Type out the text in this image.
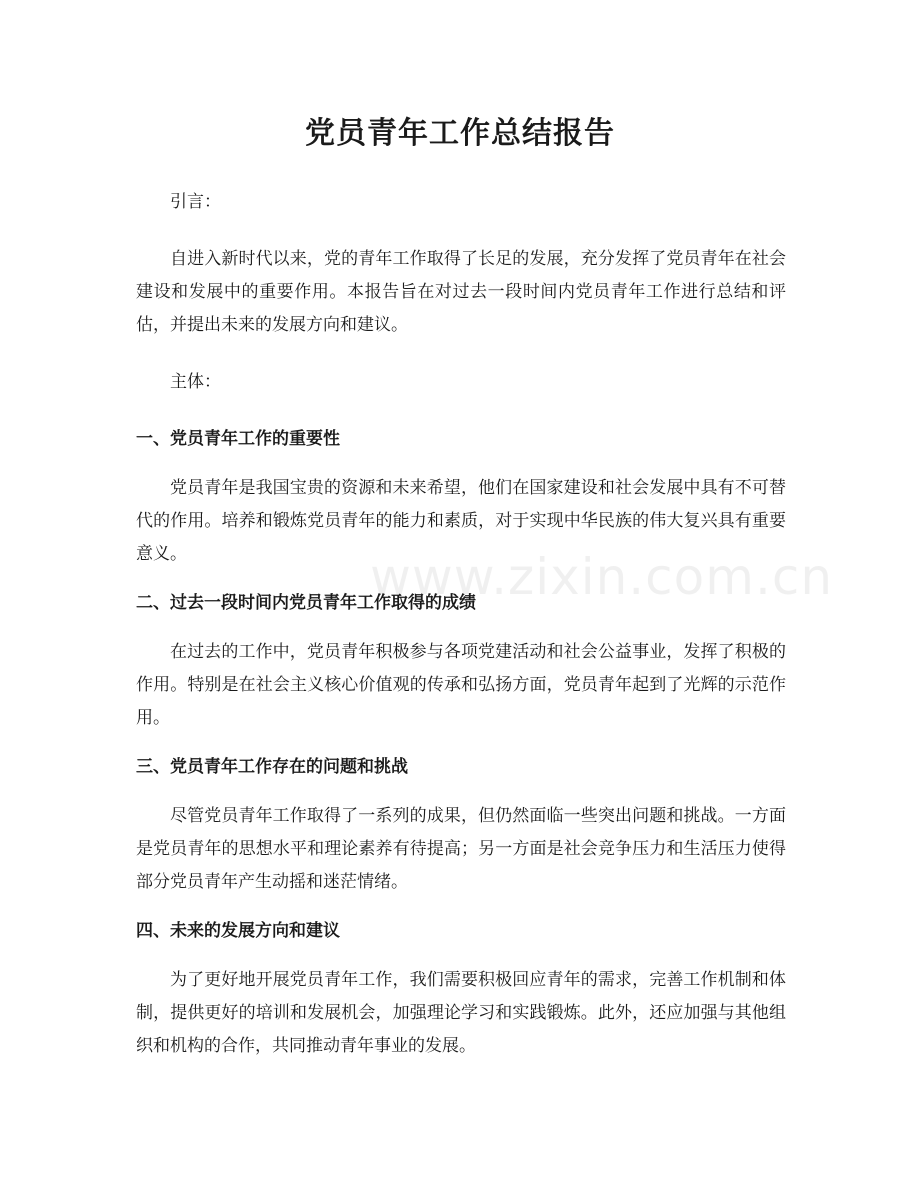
党员青年工作总结报告

引言：

自进入新时代以来，党的青年工作取得了长足的发展，充分发挥了党员青年在社会建设和发展中的重要作用。本报告旨在对过去一段时间内党员青年工作进行总结和评估，并提出未来的发展方向和建议。

主体：

一、党员青年工作的重要性

党员青年是我国宝贵的资源和未来希望，他们在国家建设和社会发展中具有不可替代的作用。培养和锻炼党员青年的能力和素质，对于实现中华民族的伟大复兴具有重要意义。

二、过去一段时间内党员青年工作取得的成绩

在过去的工作中，党员青年积极参与各项党建活动和社会公益事业，发挥了积极的作用。特别是在社会主义核心价值观的传承和弘扬方面，党员青年起到了光辉的示范作用。

三、党员青年工作存在的问题和挑战

尽管党员青年工作取得了一系列的成果，但仍然面临一些突出问题和挑战。一方面是党员青年的思想水平和理论素养有待提高；另一方面是社会竞争压力和生活压力使得部分党员青年产生动摇和迷茫情绪。

四、未来的发展方向和建议

为了更好地开展党员青年工作，我们需要积极回应青年的需求，完善工作机制和体制，提供更好的培训和发展机会，加强理论学习和实践锻炼。此外，还应加强与其他组织和机构的合作，共同推动青年事业的发展。

www.zixin.com.cn
